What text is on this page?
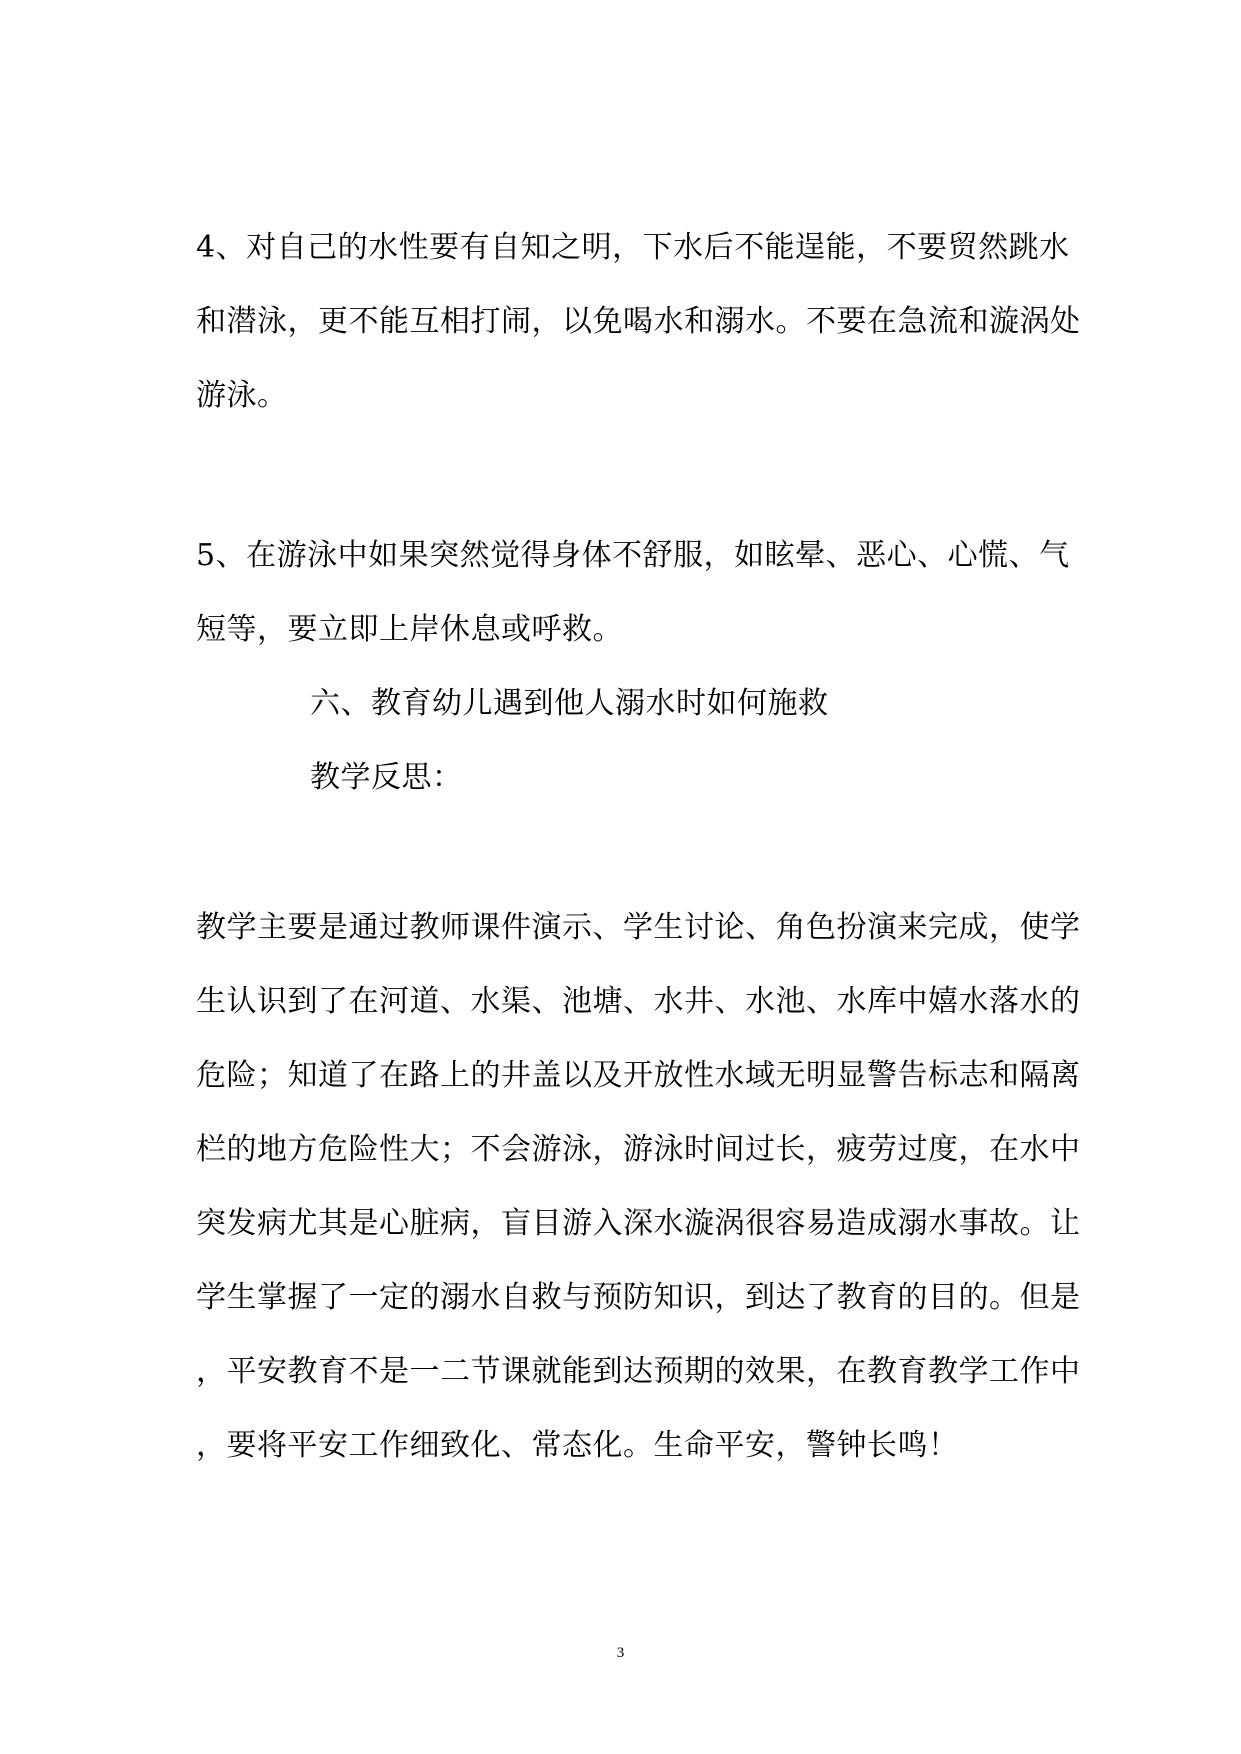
4、对自己的水性要有自知之明，下水后不能逞能，不要贸然跳水
和潜泳，更不能互相打闹，以免喝水和溺水。不要在急流和漩涡处
游泳。
5、在游泳中如果突然觉得身体不舒服，如眩晕、恶心、心慌、气
短等，要立即上岸休息或呼救。
六、教育幼儿遇到他人溺水时如何施救
教学反思：
教学主要是通过教师课件演示、学生讨论、角色扮演来完成，使学
生认识到了在河道、水渠、池塘、水井、水池、水库中嬉水落水的
危险；知道了在路上的井盖以及开放性水域无明显警告标志和隔离
栏的地方危险性大；不会游泳，游泳时间过长，疲劳过度，在水中
突发病尤其是心脏病，盲目游入深水漩涡很容易造成溺水事故。让
学生掌握了一定的溺水自救与预防知识，到达了教育的目的。但是
，平安教育不是一二节课就能到达预期的效果，在教育教学工作中
，要将平安工作细致化、常态化。生命平安，警钟长鸣！
3
